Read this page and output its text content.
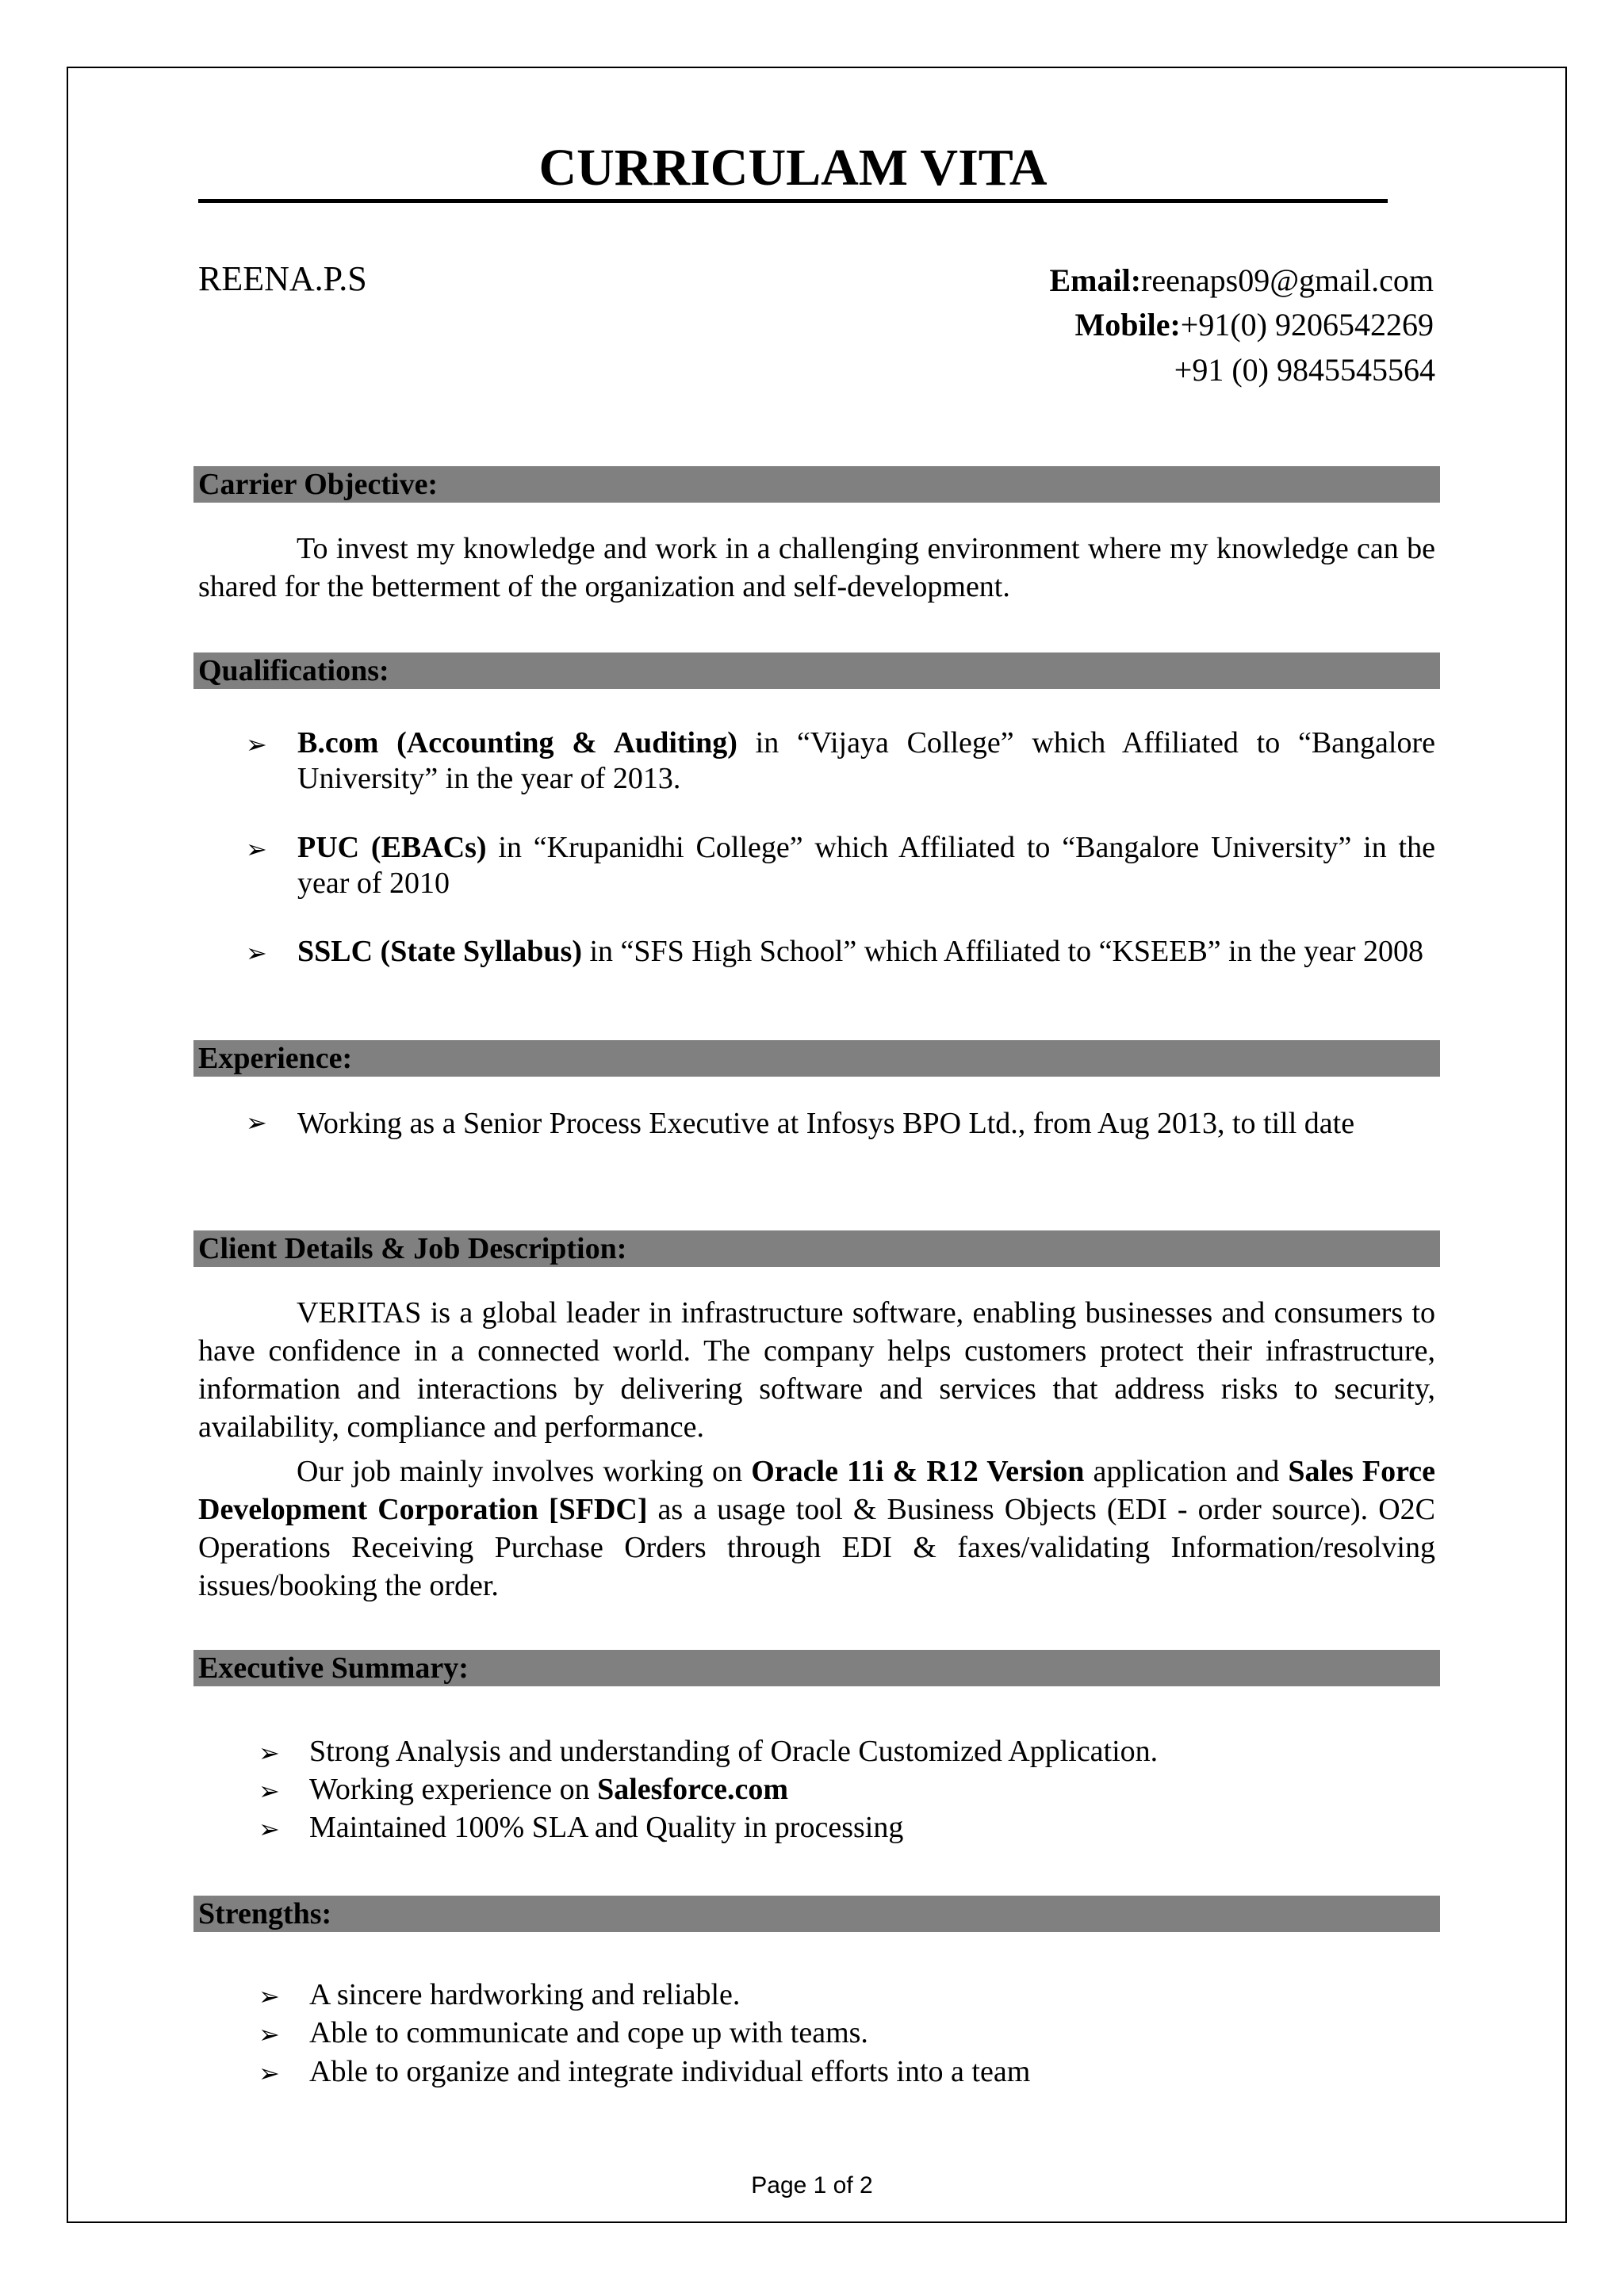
CURRICULAM VITA
REENA.P.S	Email:reenaps09@gmail.com
Mobile:+91(0) 9206542269
+91 (0) 9845545564
Carrier Objective:
To invest my knowledge and work in a challenging environment where my knowledge can be shared for the betterment of the organization and self-development.
Qualifications:
➢ B.com (Accounting & Auditing) in “Vijaya College” which Affiliated to “Bangalore University” in the year of 2013.
➢ PUC (EBACs) in “Krupanidhi College” which Affiliated to “Bangalore University” in the year of 2010
➢ SSLC (State Syllabus) in “SFS High School” which Affiliated to “KSEEB” in the year 2008
Experience:
➢ Working as a Senior Process Executive at Infosys BPO Ltd., from Aug 2013, to till date
Client Details & Job Description:
VERITAS is a global leader in infrastructure software, enabling businesses and consumers to have confidence in a connected world. The company helps customers protect their infrastructure, information and interactions by delivering software and services that address risks to security, availability, compliance and performance.
Our job mainly involves working on Oracle 11i & R12 Version application and Sales Force Development Corporation [SFDC] as a usage tool & Business Objects (EDI - order source). O2C Operations Receiving Purchase Orders through EDI & faxes/validating Information/resolving issues/booking the order.
Executive Summary:
➢ Strong Analysis and understanding of Oracle Customized Application.
➢ Working experience on Salesforce.com
➢ Maintained 100% SLA and Quality in processing
Strengths:
➢ A sincere hardworking and reliable.
➢ Able to communicate and cope up with teams.
➢ Able to organize and integrate individual efforts into a team
Page 1 of 2
